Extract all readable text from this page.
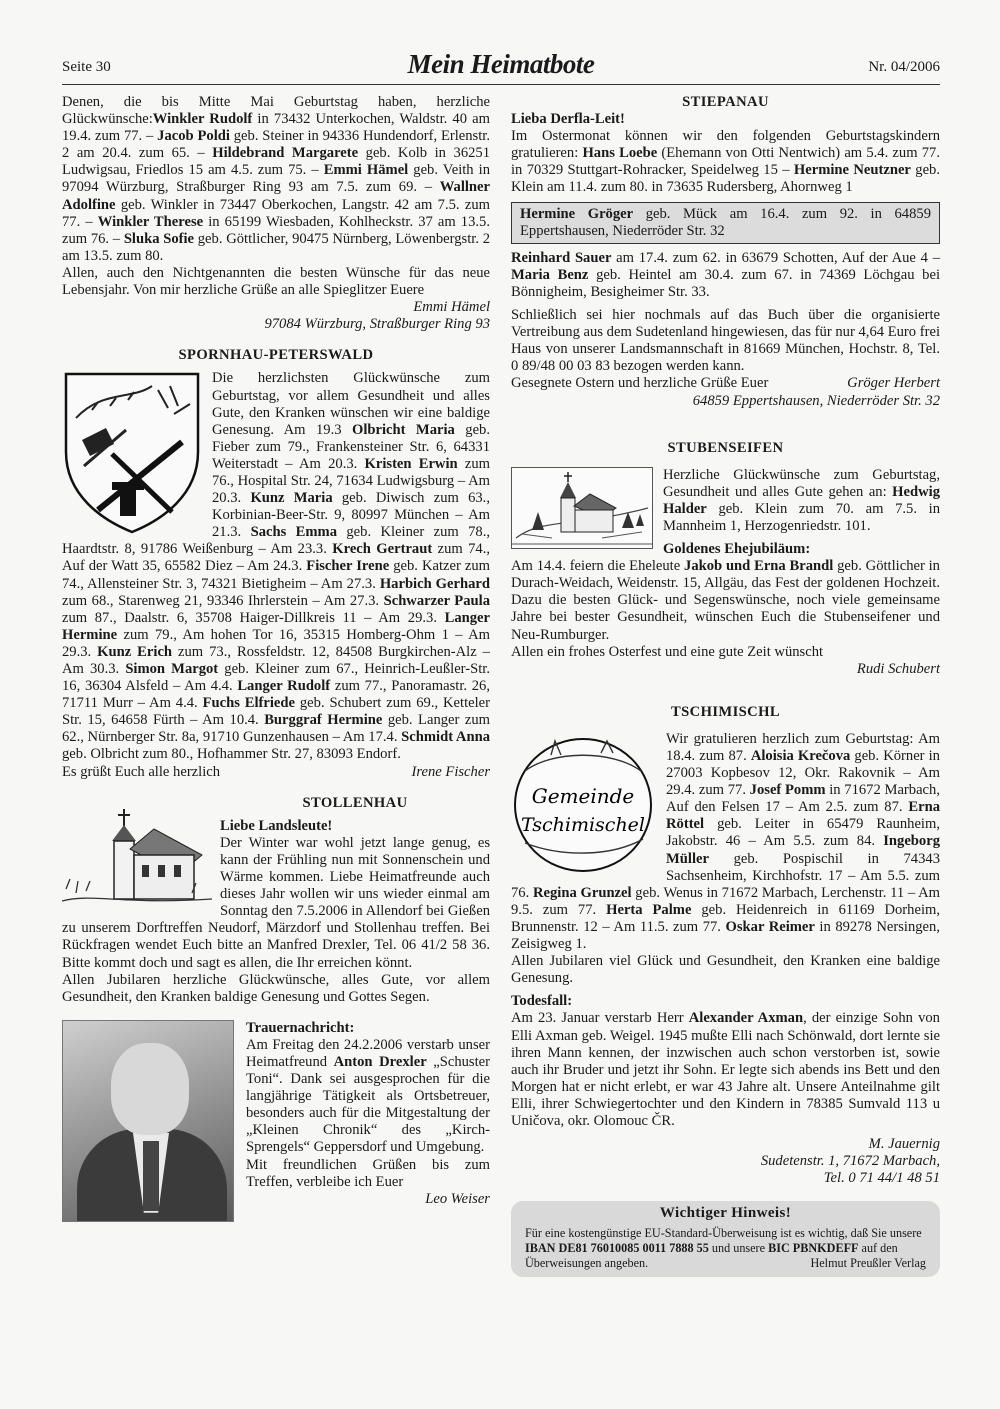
Seite 30	Mein Heimatbote	Nr. 04/2006

Denen, die bis Mitte Mai Geburtstag haben, herzliche Glückwünsche:Winkler Rudolf in 73432 Unterkochen, Waldstr. 40 am 19.4. zum 77. – Jacob Poldi geb. Steiner in 94336 Hundendorf, Erlenstr. 2 am 20.4. zum 65. – Hildebrand Margarete geb. Kolb in 36251 Ludwigsau, Friedlos 15 am 4.5. zum 75. – Emmi Hämel geb. Veith in 97094 Würzburg, Straßburger Ring 93 am 7.5. zum 69. – Wallner Adolfine geb. Winkler in 73447 Oberkochen, Langstr. 42 am 7.5. zum 77. – Winkler Therese in 65199 Wiesbaden, Kohlheckstr. 37 am 13.5. zum 76. – Sluka Sofie geb. Göttlicher, 90475 Nürnberg, Löwenbergstr. 2 am 13.5. zum 80.

Allen, auch den Nichtgenannten die besten Wünsche für das neue Lebensjahr. Von mir herzliche Grüße an alle Spieglitzer Euere

Emmi Hämel

97084 Würzburg, Straßburger Ring 93

SPORNHAU-PETERSWALD

Die herzlichsten Glückwünsche zum Geburtstag, vor allem Gesundheit und alles Gute, den Kranken wünschen wir eine baldige Genesung. Am 19.3 Olbricht Maria geb. Fieber zum 79., Frankensteiner Str. 6, 64331 Weiterstadt – Am 20.3. Kristen Erwin zum 76., Hospital Str. 24, 71634 Ludwigsburg – Am 20.3. Kunz Maria geb. Diwisch zum 63., Korbinian-Beer-Str. 9, 80997 München – Am 21.3. Sachs Emma geb. Kleiner zum 78., Haardtstr. 8, 91786 Weißenburg – Am 23.3. Krech Gertraut zum 74., Auf der Watt 35, 65582 Diez – Am 24.3. Fischer Irene geb. Katzer zum 74., Allensteiner Str. 3, 74321 Bietigheim – Am 27.3. Harbich Gerhard zum 68., Starenweg 21, 93346 Ihrlerstein – Am 27.3. Schwarzer Paula zum 87., Daalstr. 6, 35708 Haiger-Dillkreis 11 – Am 29.3. Langer Hermine zum 79., Am hohen Tor 16, 35315 Homberg-Ohm 1 – Am 29.3. Kunz Erich zum 73., Rossfeldstr. 12, 84508 Burgkirchen-Alz – Am 30.3. Simon Margot geb. Kleiner zum 67., Heinrich-Leußler-Str. 16, 36304 Alsfeld – Am 4.4. Langer Rudolf zum 77., Panoramastr. 26, 71711 Murr – Am 4.4. Fuchs Elfriede geb. Schubert zum 69., Ketteler Str. 15, 64658 Fürth – Am 10.4. Burggraf Hermine geb. Langer zum 62., Nürnberger Str. 8a, 91710 Gunzenhausen – Am 17.4. Schmidt Anna geb. Olbricht zum 80., Hofhammer Str. 27, 83093 Endorf.

Es grüßt Euch alle herzlich	Irene Fischer
STOLLENHAU
Liebe Landsleute!

Der Winter war wohl jetzt lange genug, es kann der Frühling nun mit Sonnenschein und Wärme kommen. Liebe Heimatfreunde auch dieses Jahr wollen wir uns wieder einmal am Sonntag den 7.5.2006 in Allendorf bei Gießen zu unserem Dorftreffen Neudorf, Märzdorf und Stollenhau treffen. Bei Rückfragen wendet Euch bitte an Manfred Drexler, Tel. 06 41/2 58 36. Bitte kommt doch und sagt es allen, die Ihr erreichen könnt.

Allen Jubilaren herzliche Glückwünsche, alles Gute, vor allem Gesundheit, den Kranken baldige Genesung und Gottes Segen.

Trauernachricht:

Am Freitag den 24.2.2006 verstarb unser Heimatfreund Anton Drexler „Schuster Toni“. Dank sei ausgesprochen für die langjährige Tätigkeit als Ortsbetreuer, besonders auch für die Mitgestaltung der „Kleinen Chronik“ des „Kirch-Sprengels“ Geppersdorf und Umgebung.

Mit freundlichen Grüßen bis zum Treffen, verbleibe ich Euer

Leo Weiser

STIEPANAU
Lieba Derfla-Leit!

Im Ostermonat können wir den folgenden Geburtstagskindern gratulieren: Hans Loebe (Ehemann von Otti Nentwich) am 5.4. zum 77. in 70329 Stuttgart-Rohracker, Speidelweg 15 – Hermine Neutzner geb. Klein am 11.4. zum 80. in 73635 Rudersberg, Ahornweg 1

Hermine Gröger geb. Mück am 16.4. zum 92. in 64859 Eppertshausen, Niederröder Str. 32

Reinhard Sauer am 17.4. zum 62. in 63679 Schotten, Auf der Aue 4 – Maria Benz geb. Heintel am 30.4. zum 67. in 74369 Löchgau bei Bönnigheim, Besigheimer Str. 33.

Schließlich sei hier nochmals auf das Buch über die organisierte Vertreibung aus dem Sudetenland hingewiesen, das für nur 4,64 Euro frei Haus von unserer Landsmannschaft in 81669 München, Hochstr. 8, Tel. 0 89/48 00 03 83 bezogen werden kann.

Gesegnete Ostern und herzliche Grüße Euer	Gröger Herbert

64859 Eppertshausen, Niederröder Str. 32

STUBENSEIFEN

Herzliche Glückwünsche zum Geburtstag, Gesundheit und alles Gute gehen an: Hedwig Halder geb. Klein zum 70. am 7.5. in Mannheim 1, Herzogenriedstr. 101.

Goldenes Ehejubiläum:

Am 14.4. feiern die Eheleute Jakob und Erna Brandl geb. Göttlicher in Durach-Weidach, Weidenstr. 15, Allgäu, das Fest der goldenen Hochzeit. Dazu die besten Glück- und Segenswünsche, noch viele gemeinsame Jahre bei bester Gesundheit, wünschen Euch die Stubenseifener und Neu-Rumburger.

Allen ein frohes Osterfest und eine gute Zeit wünscht

Rudi Schubert

TSCHIMISCHL
Gemeinde
Tschimischel

Wir gratulieren herzlich zum Geburtstag: Am 18.4. zum 87. Aloisia Krečova geb. Körner in 27003 Kopbesov 12, Okr. Rakovnik – Am 29.4. zum 77. Josef Pomm in 71672 Marbach, Auf den Felsen 17 – Am 2.5. zum 87. Erna Röttel geb. Leiter in 65479 Raunheim, Jakobstr. 46 – Am 5.5. zum 84. Ingeborg Müller geb. Pospischil in 74343 Sachsenheim, Kirchhofstr. 17 – Am 5.5. zum 76. Regina Grunzel geb. Wenus in 71672 Marbach, Lerchenstr. 11 – Am 9.5. zum 77. Herta Palme geb. Heidenreich in 61169 Dorheim, Brunnenstr. 12 – Am 11.5. zum 77. Oskar Reimer in 89278 Nersingen, Zeisigweg 1.

Allen Jubilaren viel Glück und Gesundheit, den Kranken eine baldige Genesung.

Todesfall:

Am 23. Januar verstarb Herr Alexander Axman, der einzige Sohn von Elli Axman geb. Weigel. 1945 mußte Elli nach Schönwald, dort lernte sie ihren Mann kennen, der inzwischen auch schon verstorben ist, sowie auch ihr Bruder und jetzt ihr Sohn. Er legte sich abends ins Bett und den Morgen hat er nicht erlebt, er war 43 Jahre alt. Unsere Anteilnahme gilt Elli, ihrer Schwiegertochter und den Kindern in 78385 Sumvald 113 u Uničova, okr. Olomouc ČR.

M. Jauernig

Sudetenstr. 1, 71672 Marbach,

Tel. 0 71 44/1 48 51

Wichtiger Hinweis!

Für eine kostengünstige EU-Standard-Überweisung ist es wichtig, daß Sie unsere IBAN DE81 76010085 0011 7888 55 und unsere BIC PBNKDEFF auf den Überweisungen angeben.	Helmut Preußler Verlag
